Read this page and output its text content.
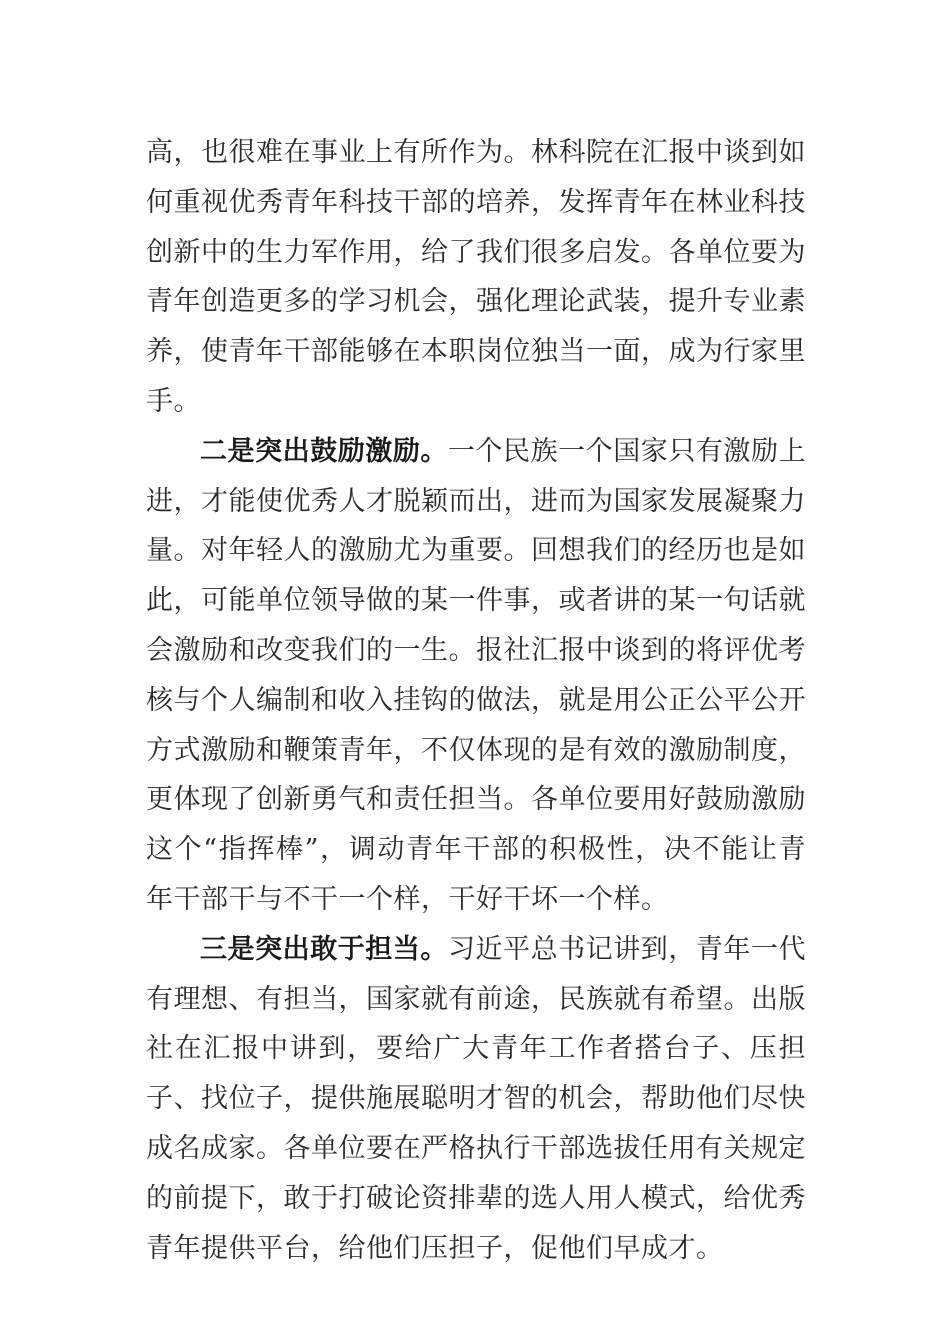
高，也很难在事业上有所作为。林科院在汇报中谈到如何重视优秀青年科技干部的培养，发挥青年在林业科技创新中的生力军作用，给了我们很多启发。各单位要为青年创造更多的学习机会，强化理论武装，提升专业素养，使青年干部能够在本职岗位独当一面，成为行家里手。

二是突出鼓励激励。一个民族一个国家只有激励上进，才能使优秀人才脱颖而出，进而为国家发展凝聚力量。对年轻人的激励尤为重要。回想我们的经历也是如此，可能单位领导做的某一件事，或者讲的某一句话就会激励和改变我们的一生。报社汇报中谈到的将评优考核与个人编制和收入挂钩的做法，就是用公正公平公开方式激励和鞭策青年，不仅体现的是有效的激励制度，更体现了创新勇气和责任担当。各单位要用好鼓励激励这个“指挥棒”，调动青年干部的积极性，决不能让青年干部干与不干一个样，干好干坏一个样。

三是突出敢于担当。习近平总书记讲到，青年一代有理想、有担当，国家就有前途，民族就有希望。出版社在汇报中讲到，要给广大青年工作者搭台子、压担子、找位子，提供施展聪明才智的机会，帮助他们尽快成名成家。各单位要在严格执行干部选拔任用有关规定的前提下，敢于打破论资排辈的选人用人模式，给优秀青年提供平台，给他们压担子，促他们早成才。
